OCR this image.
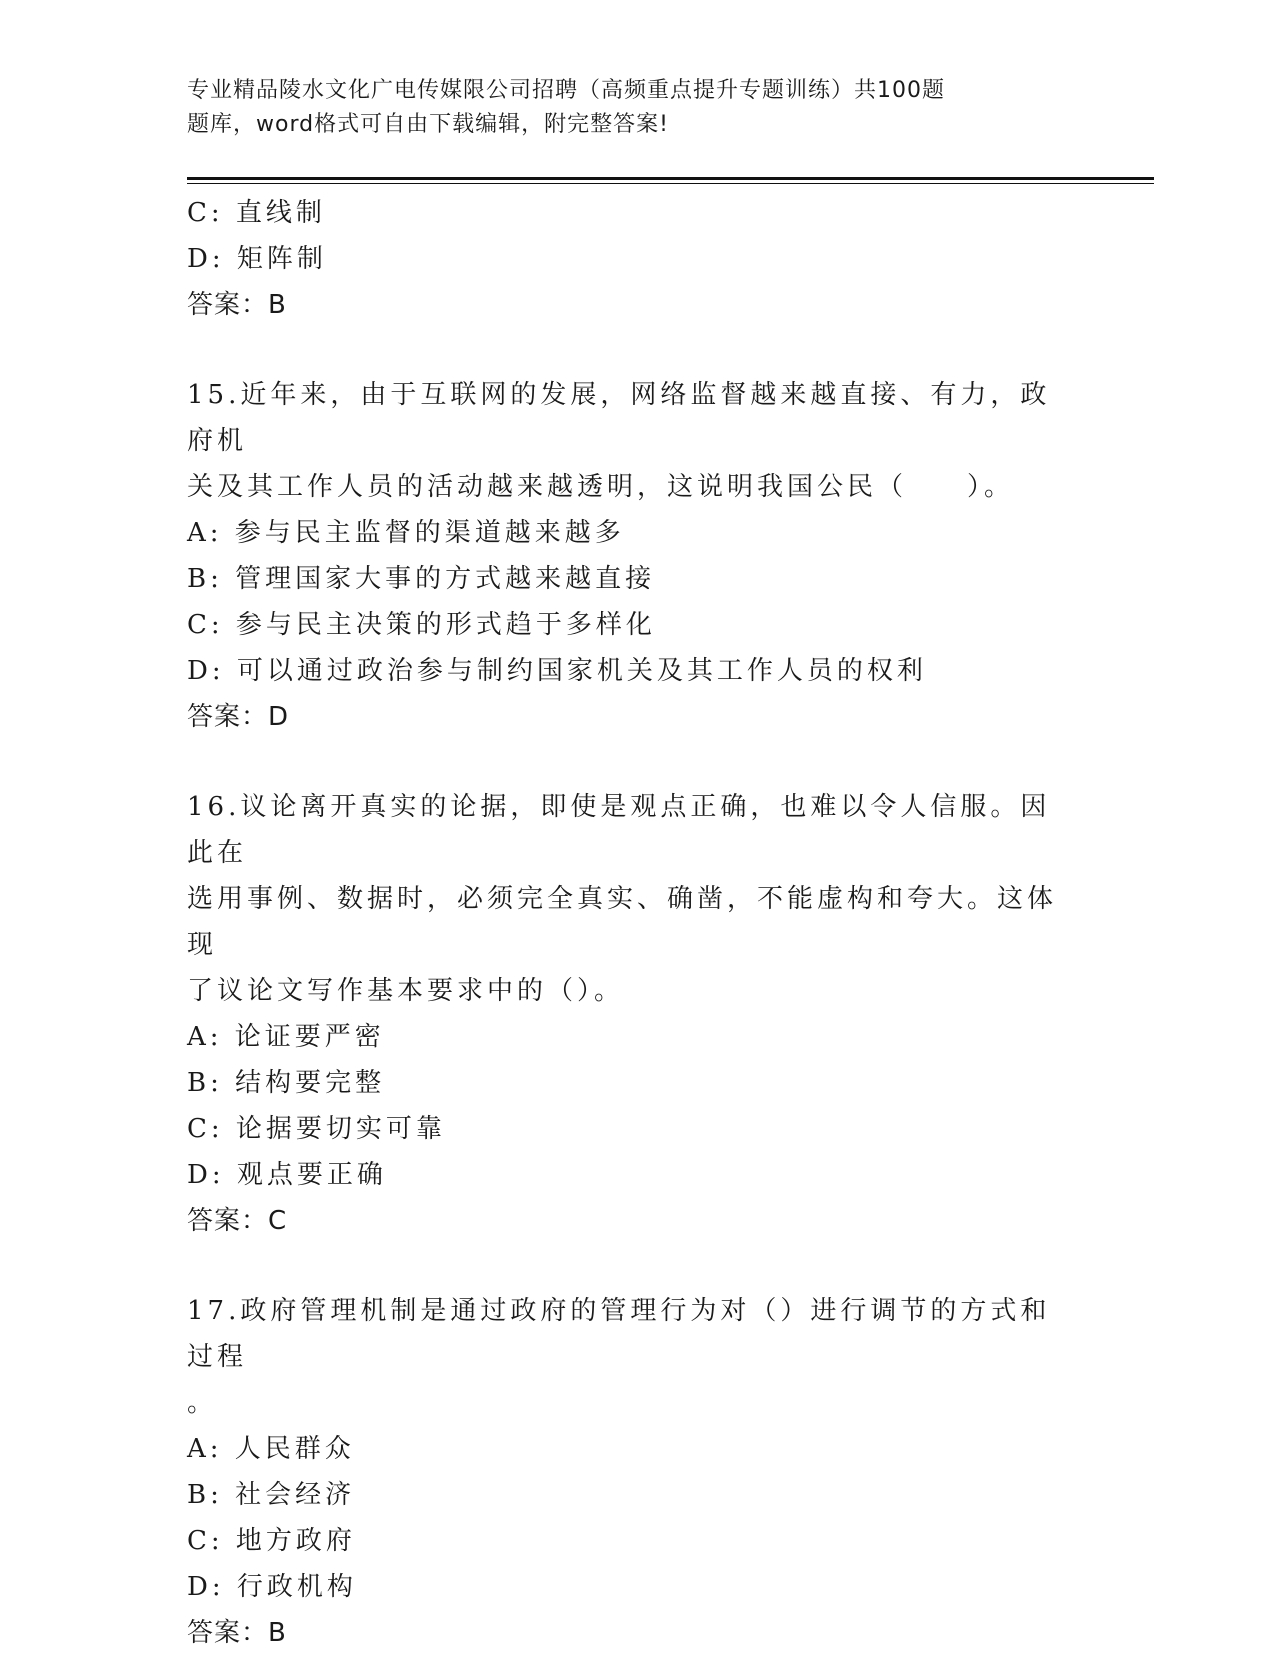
专业精品陵水文化广电传媒限公司招聘（高频重点提升专题训练）共100题
题库，word格式可自由下载编辑，附完整答案!

C: 直线制

D: 矩阵制

答案：B

15.近年来，由于互联网的发展，网络监督越来越直接、有力，政府机

关及其工作人员的活动越来越透明，这说明我国公民（　　）。

A: 参与民主监督的渠道越来越多

B: 管理国家大事的方式越来越直接

C: 参与民主决策的形式趋于多样化

D: 可以通过政治参与制约国家机关及其工作人员的权利

答案：D

16.议论离开真实的论据，即使是观点正确，也难以令人信服。因此在

选用事例、数据时，必须完全真实、确凿，不能虚构和夸大。这体现

了议论文写作基本要求中的（）。

A: 论证要严密

B: 结构要完整

C: 论据要切实可靠

D: 观点要正确

答案：C

17.政府管理机制是通过政府的管理行为对（）进行调节的方式和过程

。

A: 人民群众

B: 社会经济

C: 地方政府

D: 行政机构

答案：B
